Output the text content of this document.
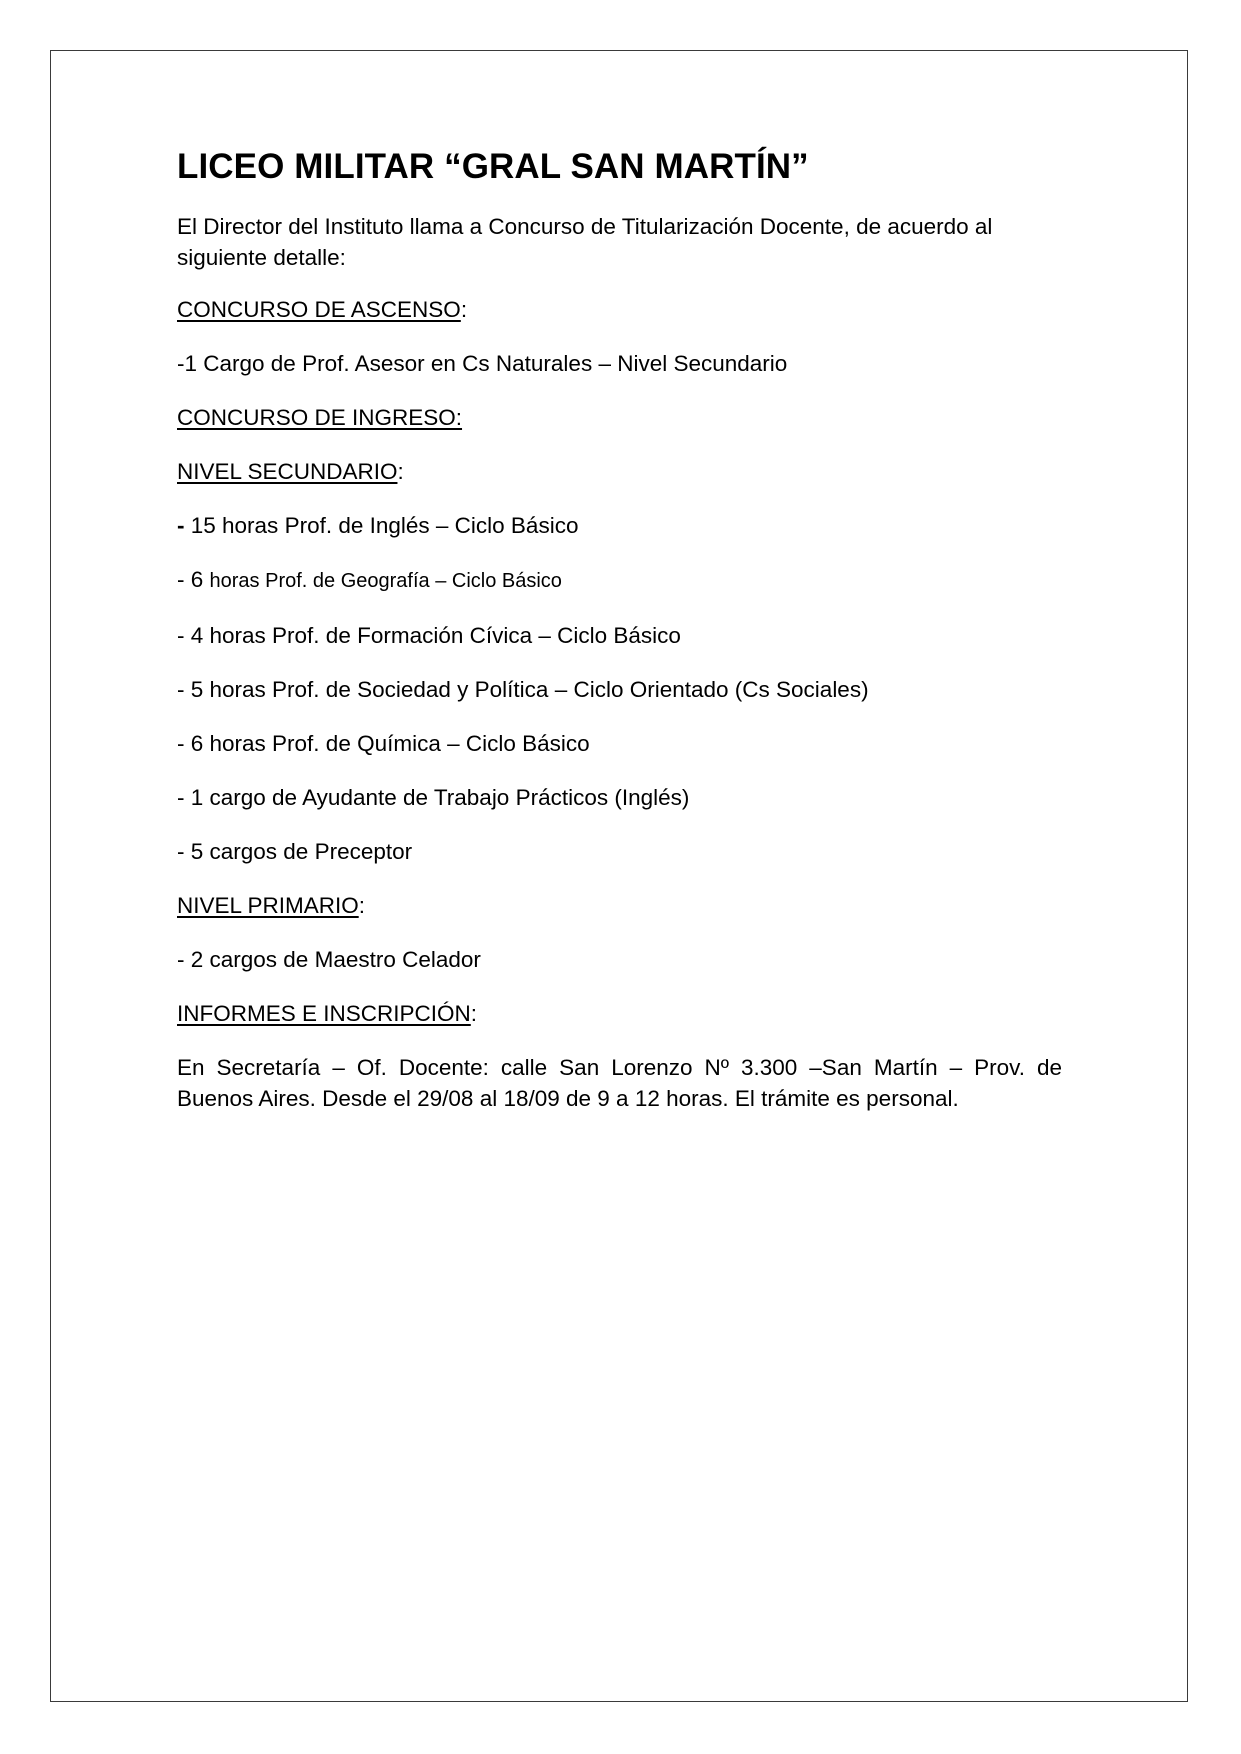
LICEO MILITAR “GRAL SAN MARTÍN”

El Director del Instituto llama a Concurso de Titularización Docente, de acuerdo al siguiente detalle:

CONCURSO DE ASCENSO:

-1 Cargo de Prof. Asesor en Cs Naturales – Nivel Secundario

CONCURSO DE INGRESO:

NIVEL SECUNDARIO:

- 15 horas Prof. de Inglés – Ciclo Básico

- 6 horas Prof. de Geografía – Ciclo Básico

- 4 horas Prof. de Formación Cívica – Ciclo Básico

- 5 horas Prof. de Sociedad y Política – Ciclo Orientado (Cs Sociales)

- 6 horas Prof. de Química – Ciclo Básico

- 1 cargo de Ayudante de Trabajo Prácticos (Inglés)

- 5 cargos de Preceptor

NIVEL PRIMARIO:

- 2 cargos de Maestro Celador

INFORMES E INSCRIPCIÓN:

En Secretaría – Of. Docente: calle San Lorenzo Nº 3.300 –San Martín – Prov. de Buenos Aires. Desde el 29/08 al 18/09 de 9 a 12 horas. El trámite es personal.
